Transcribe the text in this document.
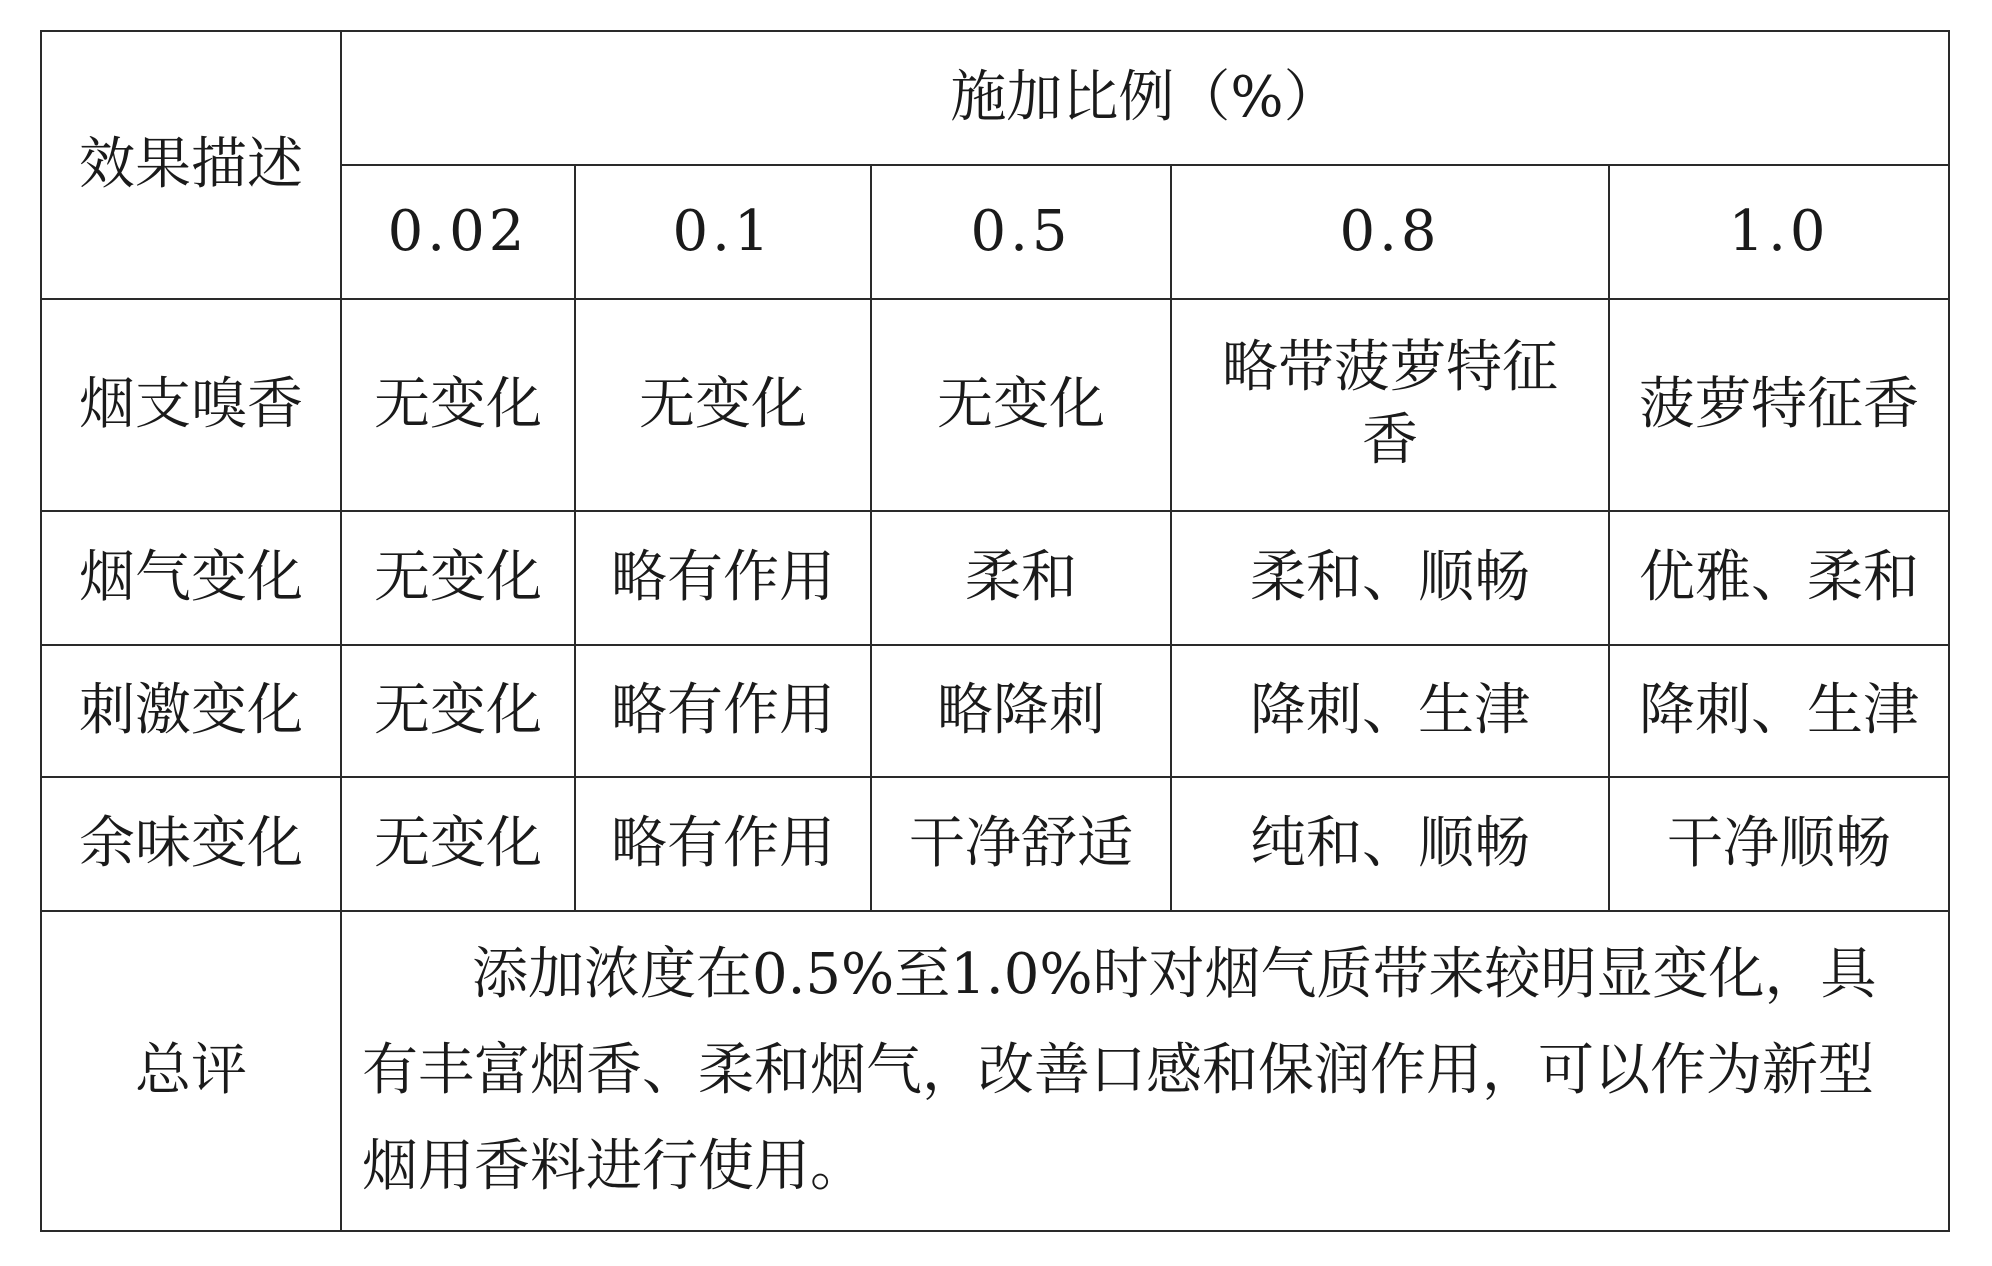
效果描述	施加比例（%）				
	0.02	0.1	0.5	0.8	1.0
烟支嗅香	无变化	无变化	无变化	略带菠萝特征香	菠萝特征香
烟气变化	无变化	略有作用	柔和	柔和、顺畅	优雅、柔和
刺激变化	无变化	略有作用	略降刺	降刺、生津	降刺、生津
余味变化	无变化	略有作用	干净舒适	纯和、顺畅	干净顺畅
总评	添加浓度在0.5%至1.0%时对烟气质带来较明显变化，具有丰富烟香、柔和烟气，改善口感和保润作用，可以作为新型烟用香料进行使用。				
